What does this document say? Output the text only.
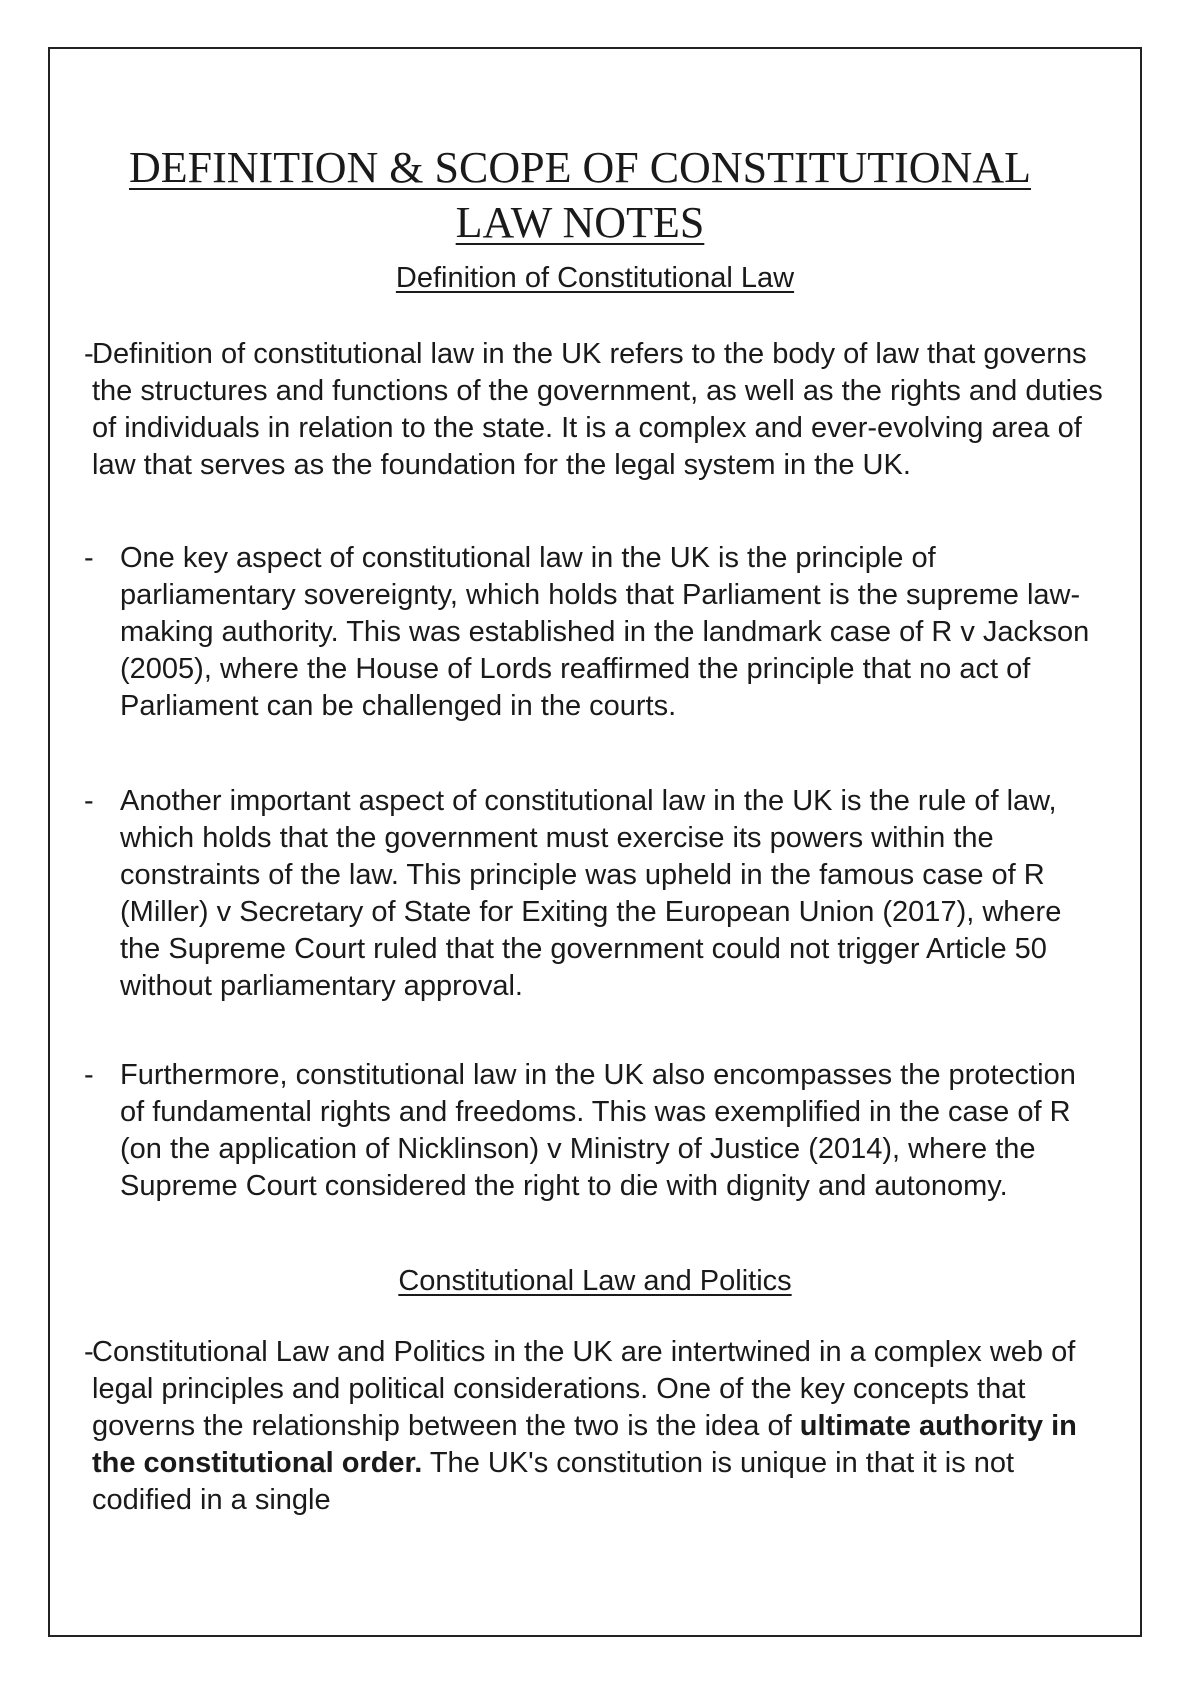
DEFINITION & SCOPE OF CONSTITUTIONAL
LAW NOTES
Definition of Constitutional Law

-
Definition of constitutional law in the UK refers to the body of law that governs the structures and functions of the government, as well as the rights and duties of individuals in relation to the state. It is a complex and ever-evolving area of law that serves as the foundation for the legal system in the UK.

- One key aspect of constitutional law in the UK is the principle of parliamentary sovereignty, which holds that Parliament is the supreme law-making authority. This was established in the landmark case of R v Jackson (2005), where the House of Lords reaffirmed the principle that no act of Parliament can be challenged in the courts.

- Another important aspect of constitutional law in the UK is the rule of law, which holds that the government must exercise its powers within the constraints of the law. This principle was upheld in the famous case of R (Miller) v Secretary of State for Exiting the European Union (2017), where the Supreme Court ruled that the government could not trigger Article 50 without parliamentary approval.

- Furthermore, constitutional law in the UK also encompasses the protection of fundamental rights and freedoms. This was exemplified in the case of R (on the application of Nicklinson) v Ministry of Justice (2014), where the Supreme Court considered the right to die with dignity and autonomy.

Constitutional Law and Politics

-
Constitutional Law and Politics in the UK are intertwined in a complex web of legal principles and political considerations. One of the key concepts that governs the relationship between the two is the idea of ultimate authority in the constitutional order. The UK's constitution is unique in that it is not codified in a single
